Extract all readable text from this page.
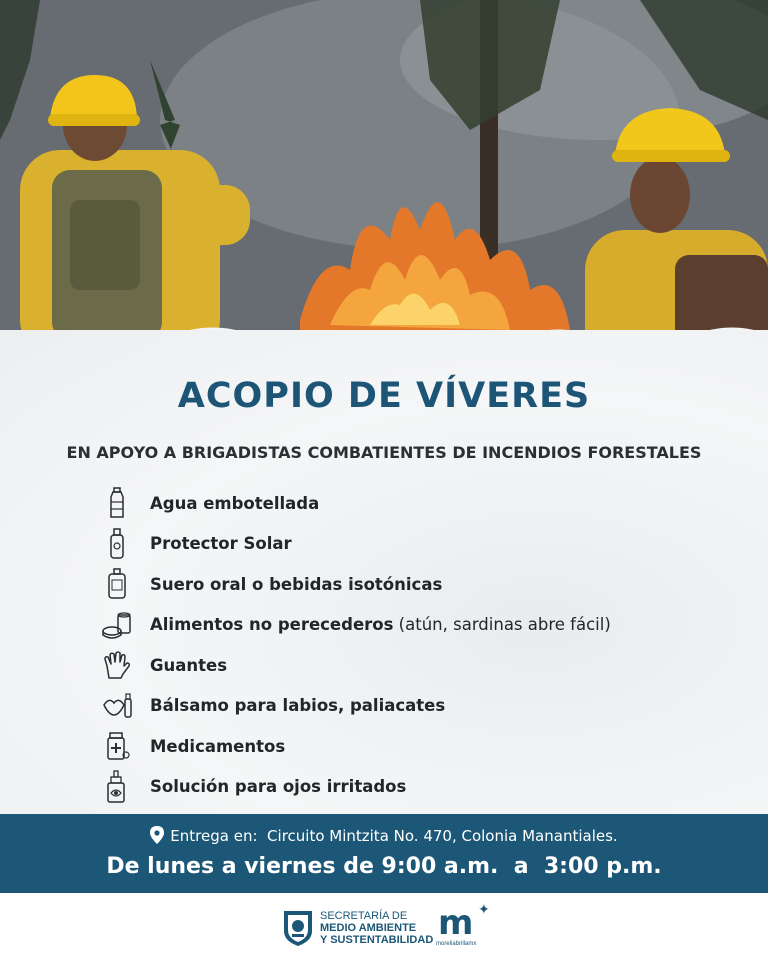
ACOPIO DE VÍVERES
EN APOYO A BRIGADISTAS COMBATIENTES DE INCENDIOS FORESTALES
Agua embotellada
Protector Solar
Suero oral o bebidas isotónicas
Alimentos no perecederos (atún, sardinas abre fácil)
Guantes
Bálsamo para labios, paliacates
Medicamentos
Solución para ojos irritados
Entrega en: Circuito Mintzita No. 470, Colonia Manantiales.
De lunes a viernes de 9:00 a.m.  a  3:00 p.m.
SECRETARÍA DE
MEDIO AMBIENTE
Y SUSTENTABILIDAD m ✦
moreliabrillamx
